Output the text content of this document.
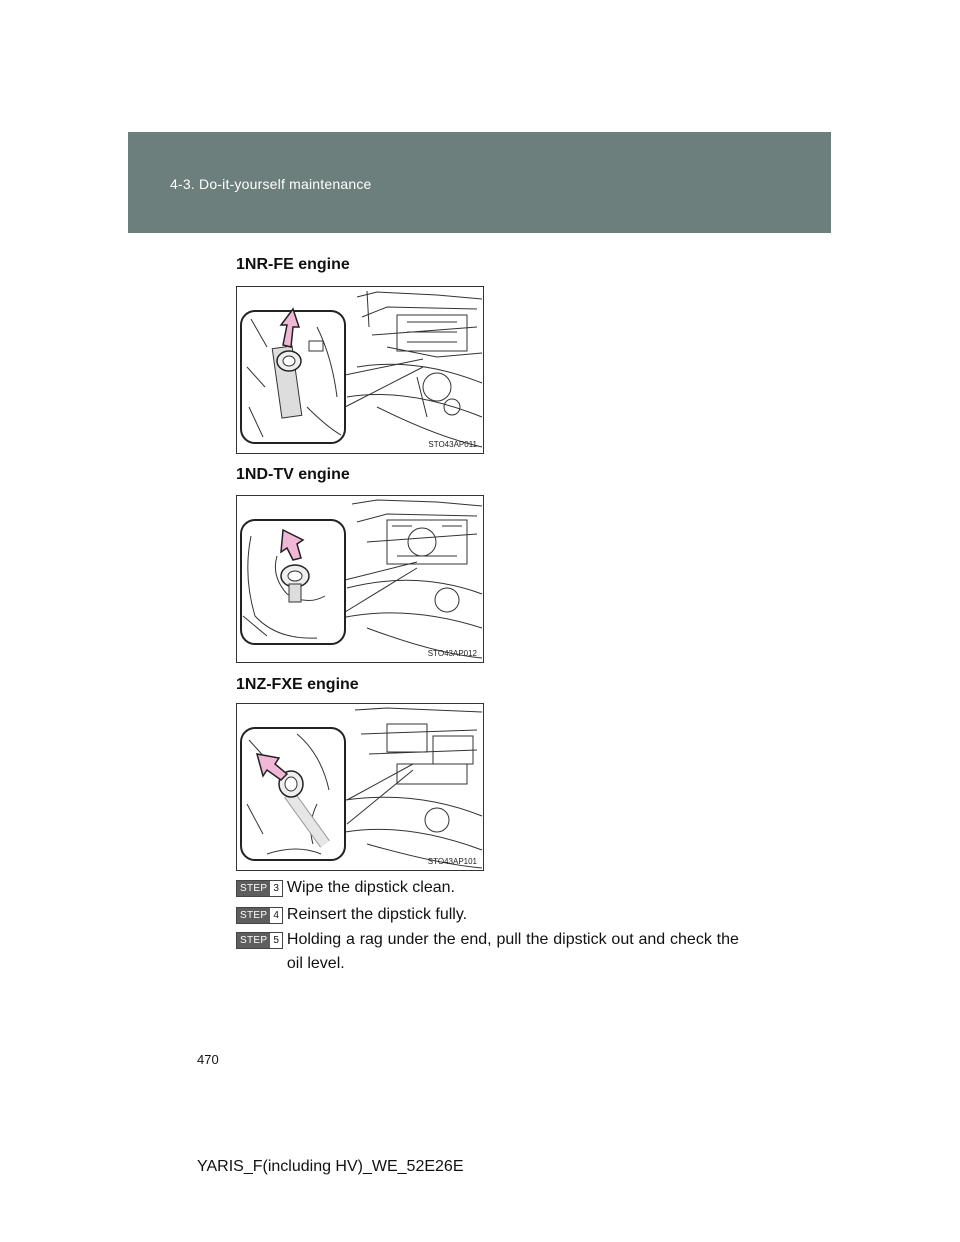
4-3. Do-it-yourself maintenance
1NR-FE engine
STO43AP011
1ND-TV engine
STO43AP012
1NZ-FXE engine
STO43AP101
STEP 3 Wipe the dipstick clean.
STEP 4 Reinsert the dipstick fully.
STEP 5 Holding a rag under the end, pull the dipstick out and check the oil level.
470
YARIS_F(including HV)_WE_52E26E
